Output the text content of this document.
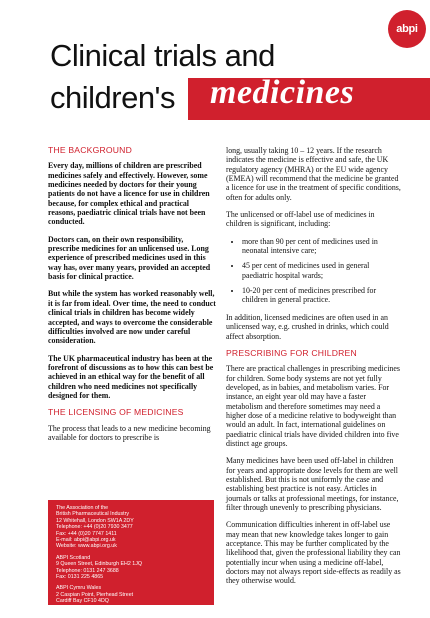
abpi
Clinical trials and
children's medicines
THE BACKGROUND

Every day, millions of children are prescribed medicines safely and effectively. However, some medicines needed by doctors for their young patients do not have a licence for use in children because, for complex ethical and practical reasons, paediatric clinical trials have not been conducted.

Doctors can, on their own responsibility, prescribe medicines for an unlicensed use. Long experience of prescribed medicines used in this way has, over many years, provided an accepted basis for clinical practice.

But while the system has worked reasonably well, it is far from ideal. Over time, the need to conduct clinical trials in children has become widely accepted, and ways to overcome the considerable difficulties involved are now under careful consideration.

The UK pharmaceutical industry has been at the forefront of discussions as to how this can best be achieved in an ethical way for the benefit of all children who need medicines not specifically designed for them.

THE LICENSING OF MEDICINES

The process that leads to a new medicine becoming available for doctors to prescribe is

long, usually taking 10 – 12 years. If the research indicates the medicine is effective and safe, the UK regulatory agency (MHRA) or the EU wide agency (EMEA) will recommend that the medicine be granted a licence for use in the treatment of specific conditions, often for adults only.

The unlicensed or off-label use of medicines in children is significant, including:

• more than 90 per cent of medicines used in neonatal intensive care;
• 45 per cent of medicines used in general paediatric hospital wards;
• 10-20 per cent of medicines prescribed for children in general practice.

In addition, licensed medicines are often used in an unlicensed way, e.g. crushed in drinks, which could affect absorption.

PRESCRIBING FOR CHILDREN

There are practical challenges in prescribing medicines for children. Some body systems are not yet fully developed, as in babies, and metabolism varies. For instance, an eight year old may have a faster metabolism and therefore sometimes may need a higher dose of a medicine relative to bodyweight than would an adult. In fact, international guidelines on paediatric clinical trials have divided children into five distinct age groups.

Many medicines have been used off-label in children for years and appropriate dose levels for them are well established. But this is not uniformly the case and establishing best practice is not easy. Articles in journals or talks at professional meetings, for instance, filter through unevenly to prescribing physicians.

Communication difficulties inherent in off-label use may mean that new knowledge takes longer to gain acceptance. This may be further complicated by the likelihood that, given the professional liability they can potentially incur when using a medicine off-label, doctors may not always report side-effects as readily as they otherwise would.

The Association of the
British Pharmaceutical Industry
12 Whitehall, London SW1A 2DY
Telephone: +44 (0)20 7930 3477
Fax: +44 (0)20 7747 1411
E-mail: abpi@abpi.org.uk
Website: www.abpi.org.uk
ABPI Scotland
9 Queen Street, Edinburgh EH2 1JQ
Telephone: 0131 247 3688
Fax: 0131 225 4865
ABPI Cymru Wales
2 Caspian Point, Pierhead Street
Cardiff Bay CF10 4DQ
Telephone: 02920 454 297
Fax: 02920 454 298
